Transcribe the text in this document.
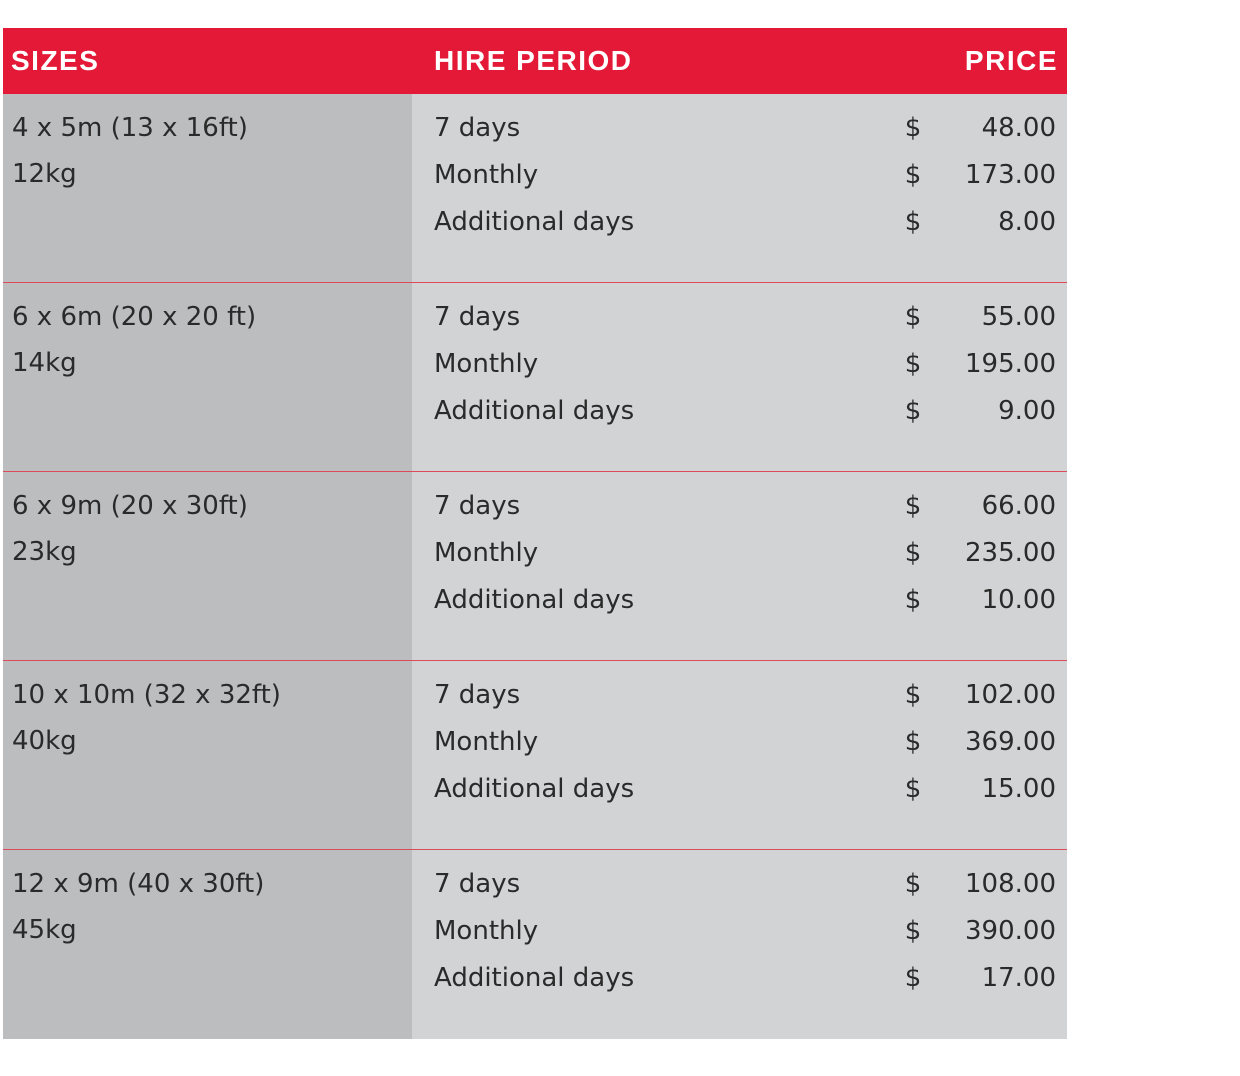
SIZES	HIRE PERIOD	PRICE
4 x 5m (13 x 16ft)
12kg
7 days	$ 48.00
Monthly	$ 173.00
Additional days	$	8.00
6 x 6m (20 x 20 ft)
14kg
7 days	$ 55.00
Monthly	$ 195.00
Additional days	$	9.00
6 x 9m (20 x 30ft)
23kg
7 days	$ 66.00
Monthly	$ 235.00
Additional days	$ 10.00
10 x 10m (32 x 32ft)
40kg
7 days	$ 102.00
Monthly	$ 369.00
Additional days	$ 15.00
12 x 9m (40 x 30ft)
45kg
7 days	$ 108.00
Monthly	$ 390.00
Additional days	$ 17.00
